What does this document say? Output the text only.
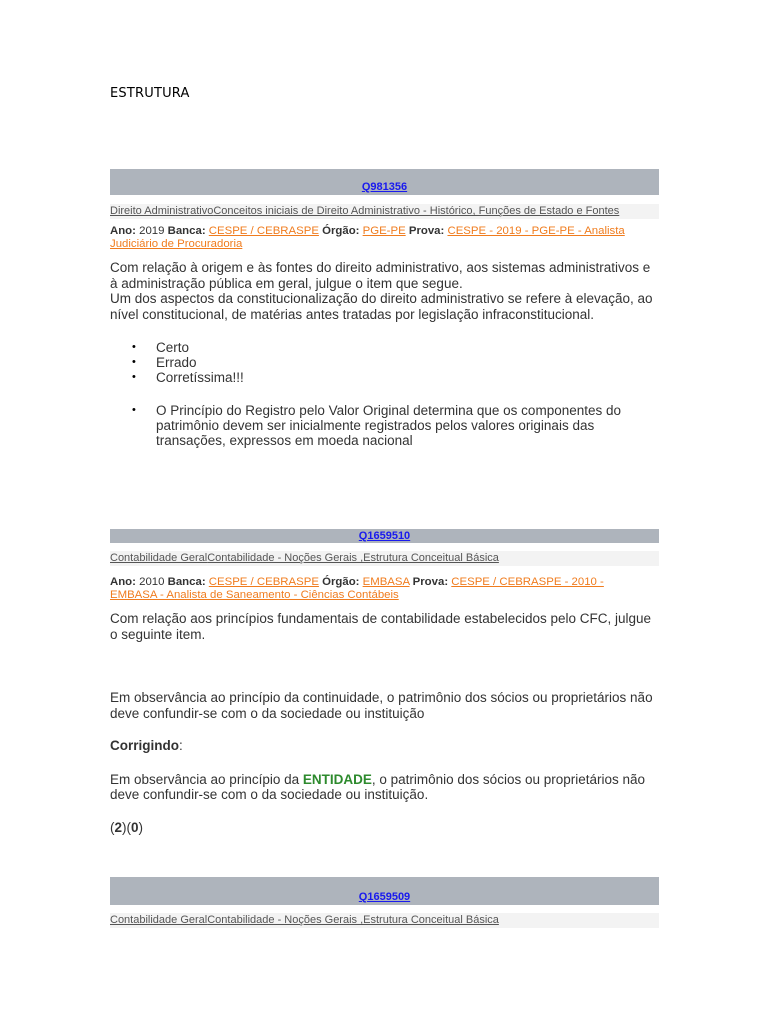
ESTRUTURA
Q981356
Direito AdministrativoConceitos iniciais de Direito Administrativo - Histórico, Funções de Estado e Fontes
Ano: 2019 Banca: CESPE / CEBRASPE Órgão: PGE-PE Prova: CESPE - 2019 - PGE-PE - Analista
Judiciário de Procuradoria

Com relação à origem e às fontes do direito administrativo, aos sistemas administrativos e

à administração pública em geral, julgue o item que segue.

Um dos aspectos da constitucionalização do direito administrativo se refere à elevação, ao

nível constitucional, de matérias antes tratadas por legislação infraconstitucional.

• Certo
• Errado
• Corretíssima!!!
• O Princípio do Registro pelo Valor Original determina que os componentes do
patrimônio devem ser inicialmente registrados pelos valores originais das
transações, expressos em moeda nacional
Q1659510
Contabilidade GeralContabilidade - Noções Gerais ,Estrutura Conceitual Básica
Ano: 2010 Banca: CESPE / CEBRASPE Órgão: EMBASA Prova: CESPE / CEBRASPE - 2010 -
EMBASA - Analista de Saneamento - Ciências Contábeis

Com relação aos princípios fundamentais de contabilidade estabelecidos pelo CFC, julgue

o seguinte item.

Em observância ao princípio da continuidade, o patrimônio dos sócios ou proprietários não

deve confundir-se com o da sociedade ou instituição

Corrigindo:

Em observância ao princípio da ENTIDADE, o patrimônio dos sócios ou proprietários não

deve confundir-se com o da sociedade ou instituição.

(2)(0)

Q1659509
Contabilidade GeralContabilidade - Noções Gerais ,Estrutura Conceitual Básica
